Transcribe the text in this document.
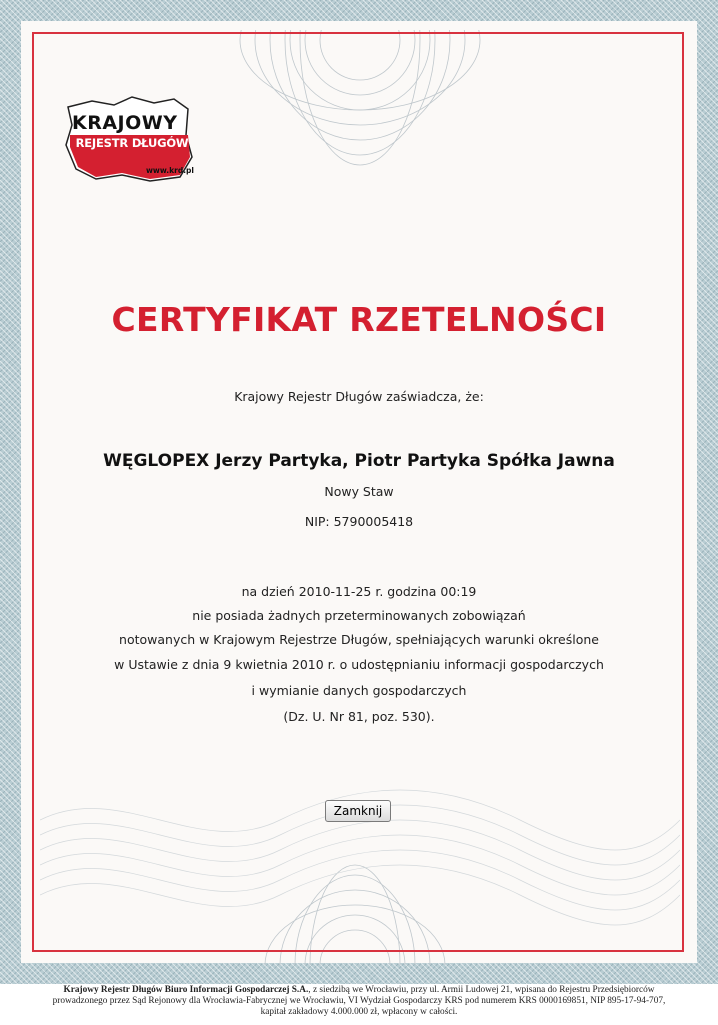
KRAJOWY
REJESTR DŁUGÓW
www.krd.pl
CERTYFIKAT RZETELNOŚCI
Krajowy Rejestr Długów zaświadcza, że:
WĘGLOPEX Jerzy Partyka, Piotr Partyka Spółka Jawna
Nowy Staw
NIP: 5790005418
na dzień 2010-11-25 r. godzina 00:19
nie posiada żadnych przeterminowanych zobowiązań
notowanych w Krajowym Rejestrze Długów, spełniających warunki określone
w Ustawie z dnia 9 kwietnia 2010 r. o udostępnianiu informacji gospodarczych
i wymianie danych gospodarczych
(Dz. U. Nr 81, poz. 530).
Zamknij
Krajowy Rejestr Długów Biuro Informacji Gospodarczej S.A., z siedzibą we Wrocławiu, przy ul. Armii Ludowej 21, wpisana do Rejestru Przedsiębiorców
prowadzonego przez Sąd Rejonowy dla Wrocławia-Fabrycznej we Wrocławiu, VI Wydział Gospodarczy KRS pod numerem KRS 0000169851, NIP 895-17-94-707,
kapitał zakładowy 4.000.000 zł, wpłacony w całości.
